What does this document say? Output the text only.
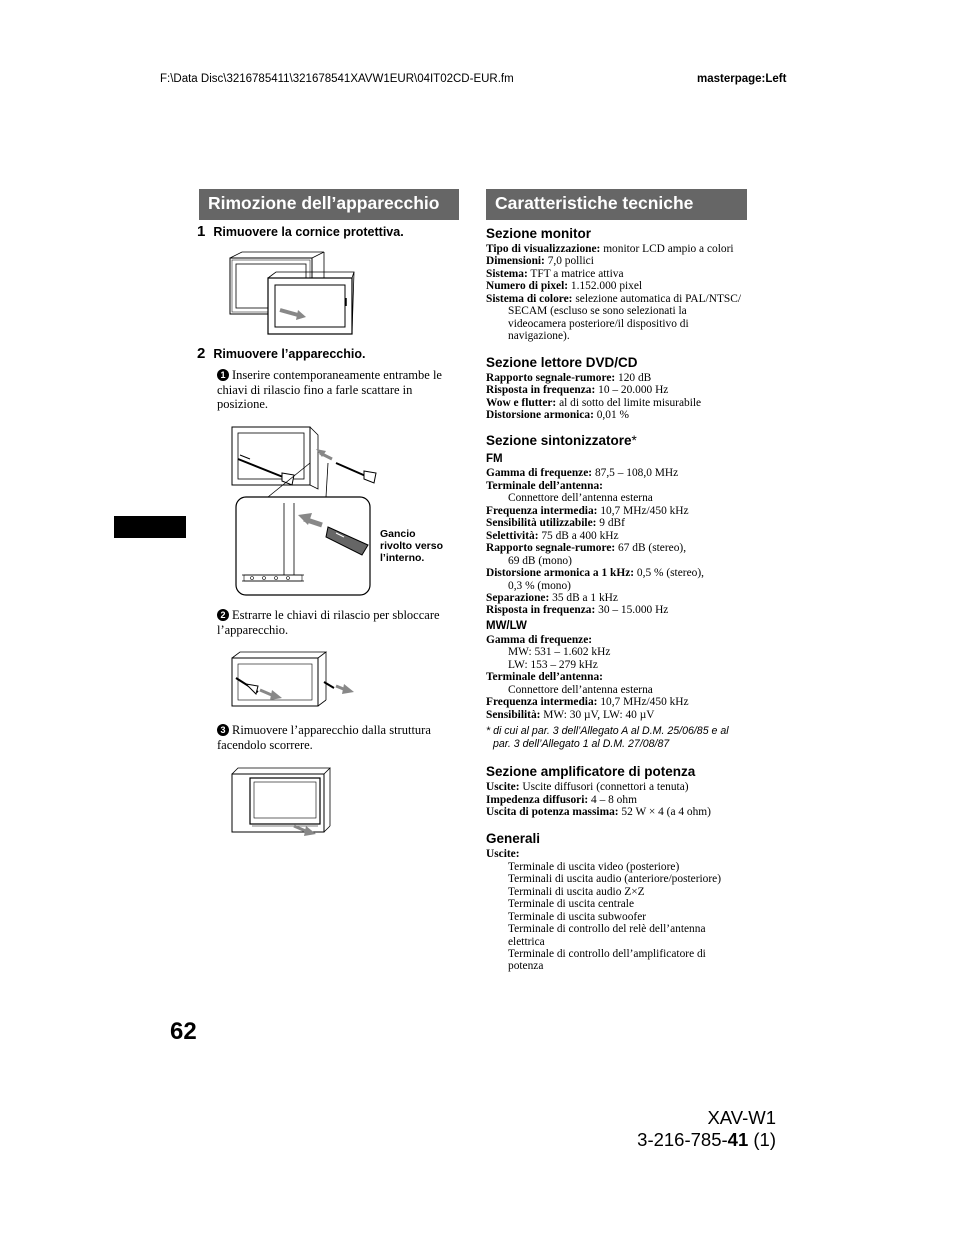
F:\Data Disc\3216785411\321678541XAVW1EUR\04IT02CD-EUR.fm	masterpage:Left
Rimozione dell’apparecchio
1 Rimuovere la cornice protettiva.
2 Rimuovere l’apparecchio.
1 Inserire contemporaneamente entrambe le chiavi di rilascio fino a farle scattare in posizione.
Gancio
rivolto verso
l’interno.
2 Estrarre le chiavi di rilascio per sbloccare l’apparecchio.
3 Rimuovere l’apparecchio dalla struttura facendolo scorrere.
Caratteristiche tecniche
Sezione monitor
Tipo di visualizzazione: monitor LCD ampio a colori
Dimensioni: 7,0 pollici
Sistema: TFT a matrice attiva
Numero di pixel: 1.152.000 pixel
Sistema di colore: selezione automatica di PAL/NTSC/
SECAM (escluso se sono selezionati la
videocamera posteriore/il dispositivo di
navigazione).
Sezione lettore DVD/CD
Rapporto segnale-rumore: 120 dB
Risposta in frequenza: 10 – 20.000 Hz
Wow e flutter: al di sotto del limite misurabile
Distorsione armonica: 0,01 %
Sezione sintonizzatore*
FM
Gamma di frequenze: 87,5 – 108,0 MHz
Terminale dell’antenna:
Connettore dell’antenna esterna
Frequenza intermedia: 10,7 MHz/450 kHz
Sensibilità utilizzabile: 9 dBf
Selettività: 75 dB a 400 kHz
Rapporto segnale-rumore: 67 dB (stereo),
69 dB (mono)
Distorsione armonica a 1 kHz: 0,5 % (stereo),
0,3 % (mono)
Separazione: 35 dB a 1 kHz
Risposta in frequenza: 30 – 15.000 Hz
MW/LW
Gamma di frequenze:
MW: 531 – 1.602 kHz
LW: 153 – 279 kHz
Terminale dell’antenna:
Connettore dell’antenna esterna
Frequenza intermedia: 10,7 MHz/450 kHz
Sensibilità: MW: 30 µV, LW: 40 µV
* di cui al par. 3 dell’Allegato A al D.M. 25/06/85 e al
par. 3 dell’Allegato 1 al D.M. 27/08/87
Sezione amplificatore di potenza
Uscite: Uscite diffusori (connettori a tenuta)
Impedenza diffusori: 4 – 8 ohm
Uscita di potenza massima: 52 W × 4 (a 4 ohm)
Generali
Uscite:
Terminale di uscita video (posteriore)
Terminali di uscita audio (anteriore/posteriore)
Terminali di uscita audio Z×Z
Terminale di uscita centrale
Terminale di uscita subwoofer
Terminale di controllo del relè dell’antenna
elettrica
Terminale di controllo dell’amplificatore di
potenza
62
XAV-W1
3-216-785-41 (1)
